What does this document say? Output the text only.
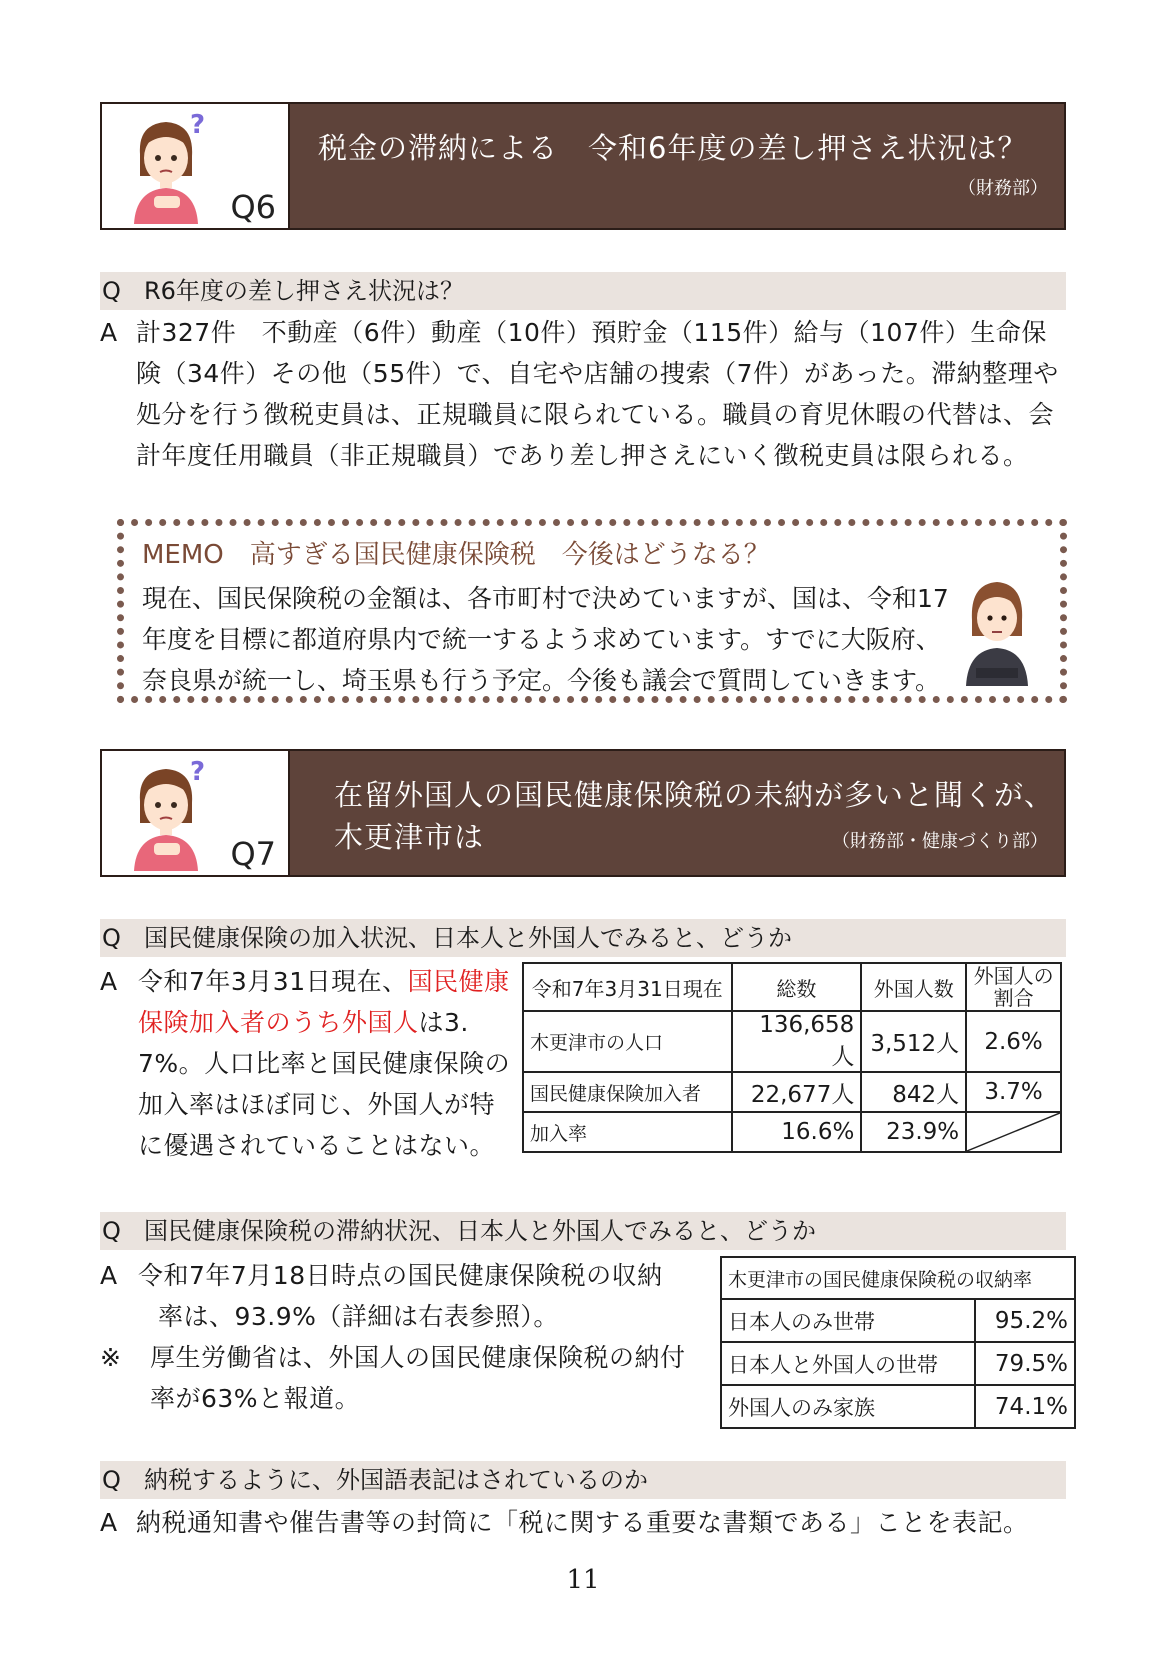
?
Q6
税金の滞納による　令和6年度の差し押さえ状況は？
（財務部）
Q R6年度の差し押さえ状況は？
A 計327件　不動産（6件）動産（10件）預貯金（115件）給与（107件）生命保険（34件）その他（55件）で、自宅や店舗の捜索（7件）があった。滞納整理や処分を行う徴税吏員は、正規職員に限られている。職員の育児休暇の代替は、会計年度任用職員（非正規職員）であり差し押さえにいく徴税吏員は限られる。
MEMO　高すぎる国民健康保険税　今後はどうなる？
現在、国民保険税の金額は、各市町村で決めていますが、国は、令和17年度を目標に都道府県内で統一するよう求めています。すでに大阪府、奈良県が統一し、埼玉県も行う予定。今後も議会で質問していきます。
?
Q7
在留外国人の国民健康保険税の未納が多いと聞くが、
木更津市は	（財務部・健康づくり部）
Q 国民健康保険の加入状況、日本人と外国人でみると、どうか
A 令和7年3月31日現在、国民健康保険加入者のうち外国人は3.7%。人口比率と国民健康保険の加入率はほぼ同じ、外国人が特に優遇されていることはない。
令和7年3月31日現在	総数	外国人数	外国人の割合
木更津市の人口	136,658人	3,512人	2.6%
国民健康保険加入者	22,677人	842人	3.7%
加入率	16.6%	23.9%	
Q 国民健康保険税の滞納状況、日本人と外国人でみると、どうか
A 令和7年7月18日時点の国民健康保険税の収納
率は、93.9%（詳細は右表参照）。
※ 厚生労働省は、外国人の国民健康保険税の納付
率が63%と報道。
木更津市の国民健康保険税の収納率	
日本人のみ世帯	95.2%
日本人と外国人の世帯	79.5%
外国人のみ家族	74.1%
Q 納税するように、外国語表記はされているのか
A 納税通知書や催告書等の封筒に「税に関する重要な書類である」ことを表記。
11
